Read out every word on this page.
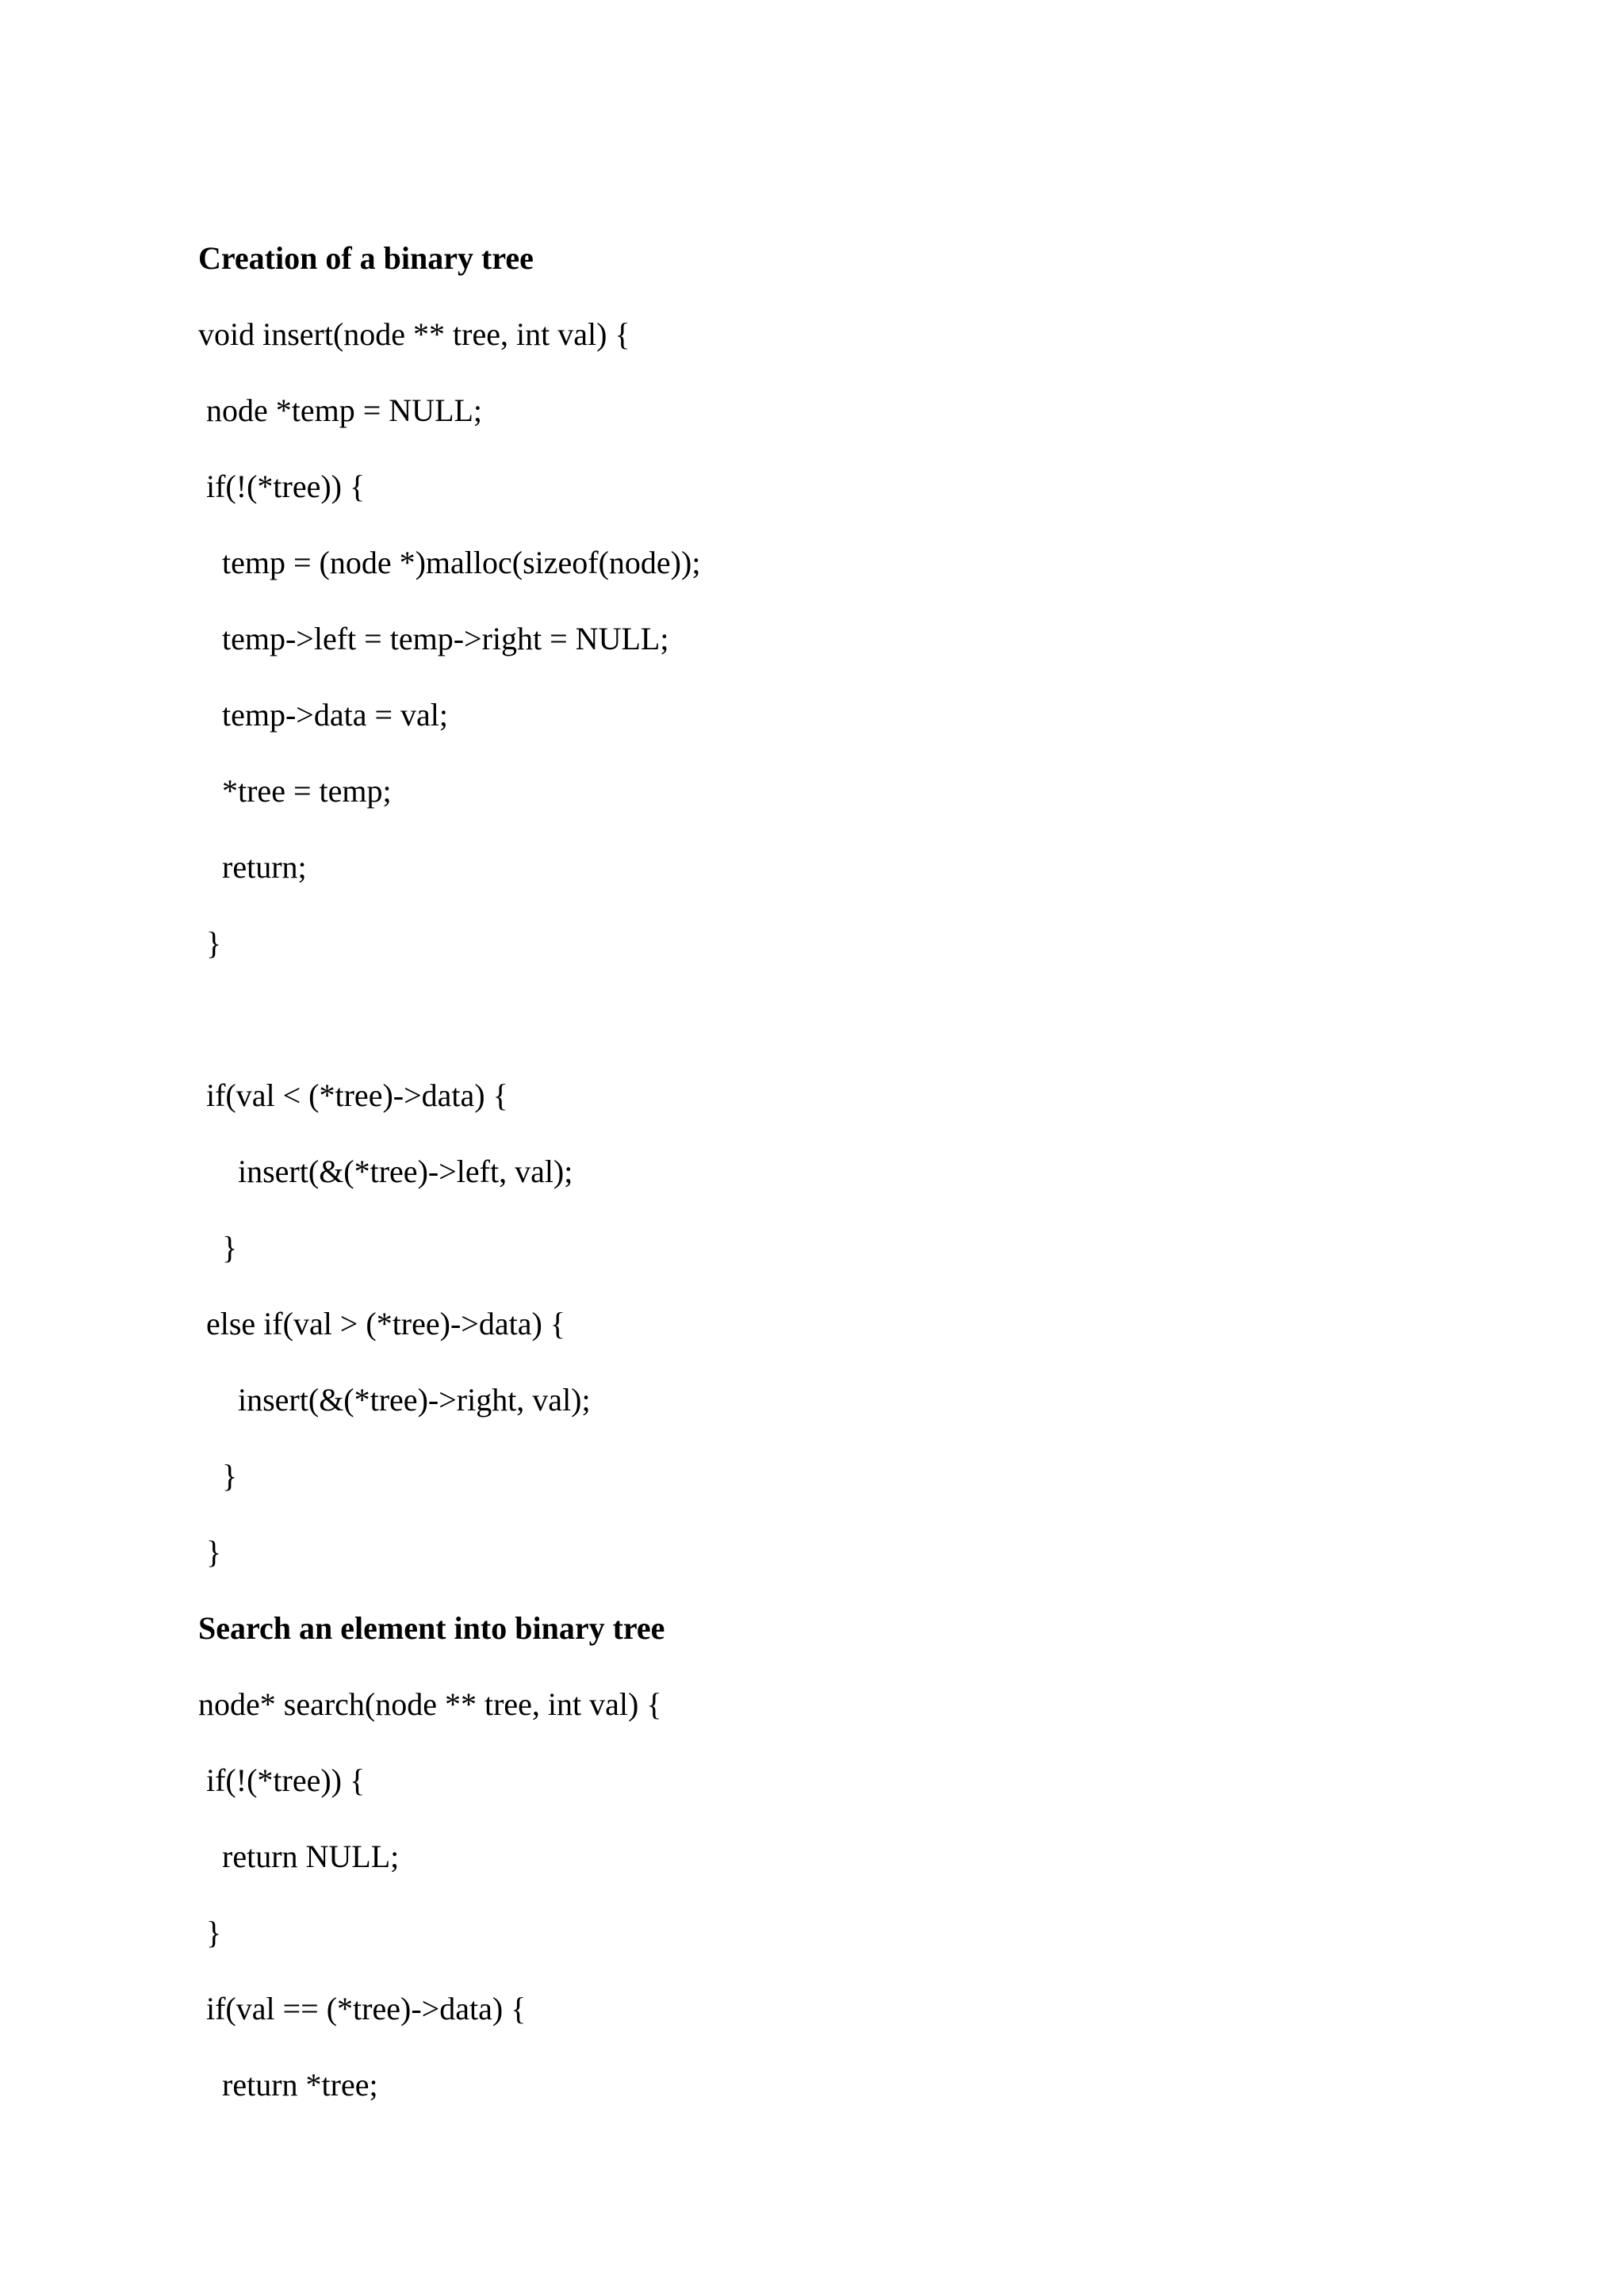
Creation of a binary tree
void insert(node ** tree, int val) {
node *temp = NULL;
if(!(*tree)) {
temp = (node *)malloc(sizeof(node));
temp->left = temp->right = NULL;
temp->data = val;
*tree = temp;
return;
}
if(val < (*tree)->data) {
insert(&(*tree)->left, val);
}
else if(val > (*tree)->data) {
insert(&(*tree)->right, val);
}
}
Search an element into binary tree
node* search(node ** tree, int val) {
if(!(*tree)) {
return NULL;
}
if(val == (*tree)->data) {
return *tree;
